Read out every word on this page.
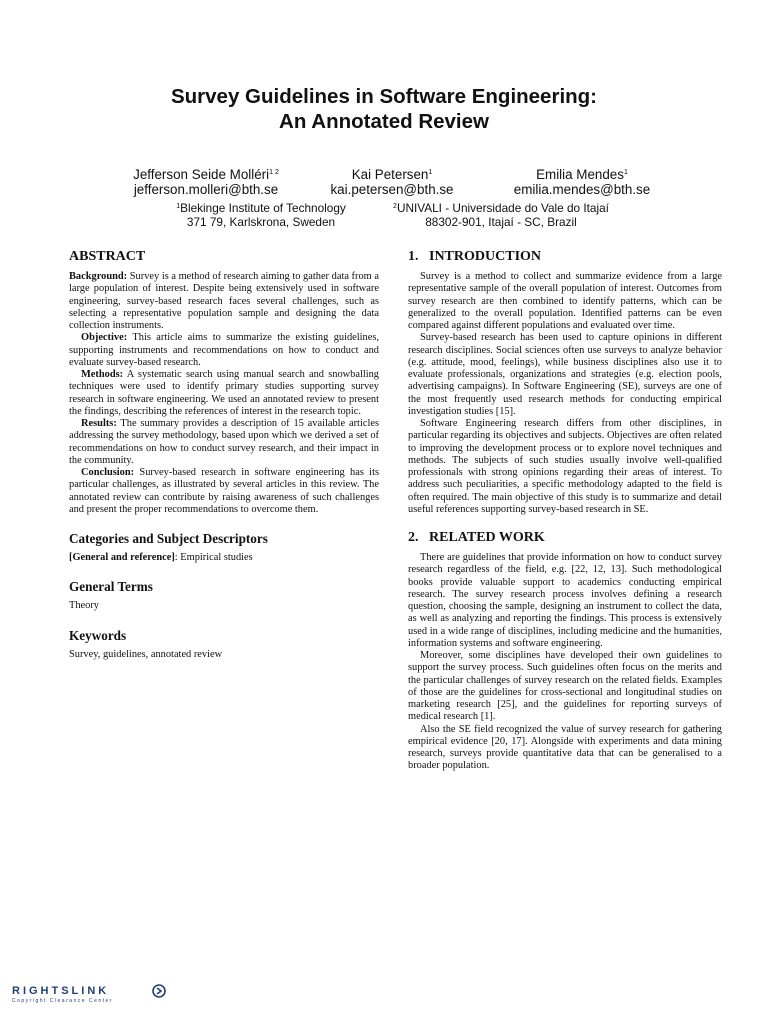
Survey Guidelines in Software Engineering:
An Annotated Review
Jefferson Seide Molléri$^{1 2}$
jefferson.molleri@bth.se
Kai Petersen$^1$
kai.petersen@bth.se
Emilia Mendes$^1$
emilia.mendes@bth.se
$^1$Blekinge Institute of Technology
371 79, Karlskrona, Sweden
$^2$UNIVALI - Universidade do Vale do Itajaí
88302-901, Itajaí - SC, Brazil
ABSTRACT

Background: Survey is a method of research aiming to gather data from a large population of interest. Despite being extensively used in software engineering, survey-based research faces several challenges, such as selecting a representative population sample and designing the data collection instruments.

Objective: This article aims to summarize the existing guidelines, supporting instruments and recommendations on how to conduct and evaluate survey-based research.

Methods: A systematic search using manual search and snowballing techniques were used to identify primary studies supporting survey research in software engineering. We used an annotated review to present the findings, describing the references of interest in the research topic.

Results: The summary provides a description of 15 available articles addressing the survey methodology, based upon which we derived a set of recommendations on how to conduct survey research, and their impact in the community.

Conclusion: Survey-based research in software engineering has its particular challenges, as illustrated by several articles in this review. The annotated review can contribute by raising awareness of such challenges and present the proper recommendations to overcome them.

Categories and Subject Descriptors

[General and reference]: Empirical studies

General Terms

Theory

Keywords

Survey, guidelines, annotated review

1.   INTRODUCTION

Survey is a method to collect and summarize evidence from a large representative sample of the overall population of interest. Outcomes from survey research are then combined to identify patterns, which can be generalized to the overall population. Identified patterns can be even compared against different populations and evaluated over time.

Survey-based research has been used to capture opinions in different research disciplines. Social sciences often use surveys to analyze behavior (e.g. attitude, mood, feelings), while business disciplines also use it to evaluate professionals, organizations and strategies (e.g. election pools, advertising campaigns). In Software Engineering (SE), surveys are one of the most frequently used research methods for conducting empirical investigation studies [15].

Software Engineering research differs from other disciplines, in particular regarding its objectives and subjects. Objectives are often related to improving the development process or to explore novel techniques and methods. The subjects of such studies usually involve well-qualified professionals with strong opinions regarding their areas of interest. To address such peculiarities, a specific methodology adapted to the field is often required. The main objective of this study is to summarize and detail useful references supporting survey-based research in SE.

2.   RELATED WORK

There are guidelines that provide information on how to conduct survey research regardless of the field, e.g. [22, 12, 13]. Such methodological books provide valuable support to academics conducting empirical research. The survey research process involves defining a research question, choosing the sample, designing an instrument to collect the data, as well as analyzing and reporting the findings. This process is extensively used in a wide range of disciplines, including medicine and the humanities, information systems and software engineering.

Moreover, some disciplines have developed their own guidelines to support the survey process. Such guidelines often focus on the merits and the particular challenges of survey research on the related fields. Examples of those are the guidelines for cross-sectional and longitudinal studies on marketing research [25], and the guidelines for reporting surveys of medical research [1].

Also the SE field recognized the value of survey research for gathering empirical evidence [20, 17]. Alongside with experiments and data mining research, surveys provide quantitative data that can be generalised to a broader population.

RIGHTSLINK
Copyright Clearance Center
